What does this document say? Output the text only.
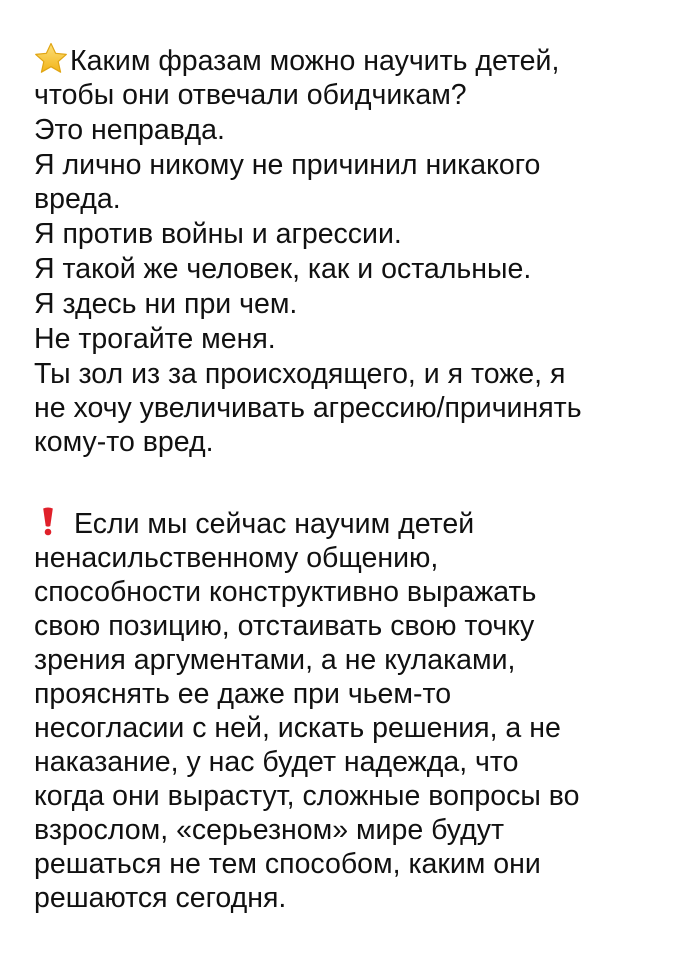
Каким фразам можно научить детей,
чтобы они отвечали обидчикам?
Это неправда.
Я лично никому не причинил никакого
вреда.
Я против войны и агрессии.
Я такой же человек, как и остальные.
Я здесь ни при чем.
Не трогайте меня.
Ты зол из за происходящего, и я тоже, я
не хочу увеличивать агрессию/причинять
кому-то вред.
Если мы сейчас научим детей
ненасильственному общению,
способности конструктивно выражать
свою позицию, отстаивать свою точку
зрения аргументами, а не кулаками,
прояснять ее даже при чьем-то
несогласии с ней, искать решения, а не
наказание, у нас будет надежда, что
когда они вырастут, сложные вопросы во
взрослом, «серьезном» мире будут
решаться не тем способом, каким они
решаются сегодня.
